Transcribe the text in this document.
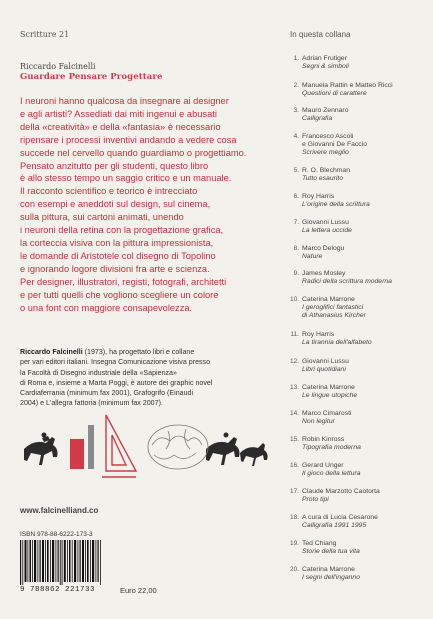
Scritture 21
Riccardo Falcinelli
Guardare Pensare Progettare

I neuroni hanno qualcosa da insegnare ai designer

e agli artisti? Assediati dai miti ingenui e abusati

della «creatività» e della «fantasia» è necessario

ripensare i processi inventivi andando a vedere cosa

succede nel cervello quando guardiamo o progettiamo.

Pensato anzitutto per gli studenti, questo libro

è allo stesso tempo un saggio critico e un manuale.

Il racconto scientifico e teorico è intrecciato

con esempi e aneddoti sul design, sul cinema,

sulla pittura, sui cartoni animati, unendo

i neuroni della retina con la progettazione grafica,

la corteccia visiva con la pittura impressionista,

le domande di Aristotele col disegno di Topolino

e ignorando logore divisioni fra arte e scienza.

Per designer, illustratori, registi, fotografi, architetti

e per tutti quelli che vogliono scegliere un colore

o una font con maggiore consapevolezza.

Riccardo Falcinelli (1973), ha progettato libri e collane
per vari editori italiani. Insegna Comunicazione visiva presso
la Facoltà di Disegno industriale della «Sapienza»
di Roma e, insieme a Marta Poggi, è autore dei graphic novel
Cardiaferrania (minimum fax 2001), Grafogrifo (Einaudi
2004) e L'allegra fattoria (minimum fax 2007).
www.falcinelliand.co
ISBN 978-88-6222-173-3
9 788862 221733	Euro 22,00
In questa collana
1. Adrian Frutiger
Segni & simboli
2. Manuela Rattin e Matteo Ricci
Questioni di carattere
3. Mauro Zennaro
Calligrafia
4. Francesco Ascoli
e Giovanni De Faccio
Scrivere meglio
5. R. O. Blechman
Tutto esaurito
6. Roy Harris
L'origine della scrittura
7. Giovanni Lussu
La lettera uccide
8. Marco Delogu
Nature
9. James Mosley
Radici della scrittura moderna
10. Caterina Marrone
I geroglifici fantastici
di Athanasius Kircher
11. Roy Harris
La tirannia dell'alfabeto
12. Giovanni Lussu
Libri quotidiani
13. Caterina Marrone
Le lingue utopiche
14. Marco Cimarosti
Non legitur
15. Robin Kinross
Tipografia moderna
16. Gerard Unger
Il gioco della lettura
17. Claude Marzotto Caotorta
Proto tipi
18. A cura di Lucia Cesarone
Calligrafia 1991 1995
19. Ted Chiang
Storie della tua vita
20. Caterina Marrone
I segni dell'inganno
